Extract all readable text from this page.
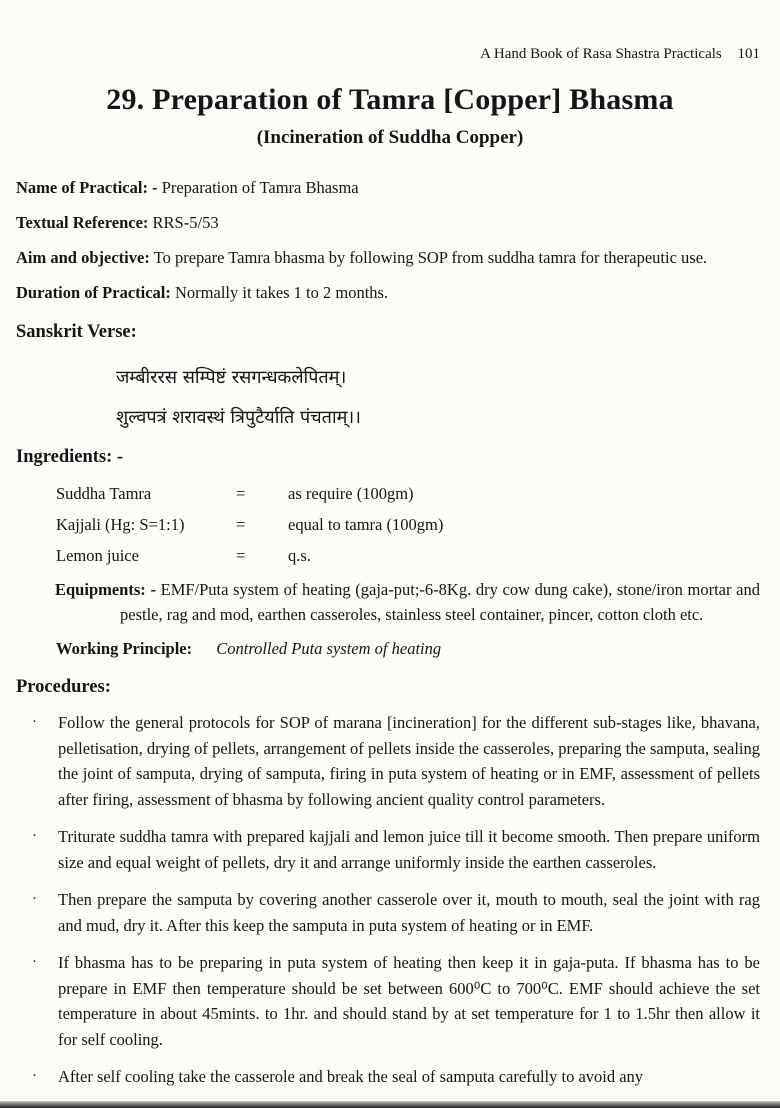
A Hand Book of Rasa Shastra Practicals 101
29. Preparation of Tamra [Copper] Bhasma
(Incineration of Suddha Copper)

Name of Practical: - Preparation of Tamra Bhasma

Textual Reference: RRS-5/53

Aim and objective: To prepare Tamra bhasma by following SOP from suddha tamra for therapeutic use.

Duration of Practical: Normally it takes 1 to 2 months.

Sanskrit Verse:

जम्बीररस सम्पिष्टं रसगन्धकलेपितम्।

शुल्वपत्रं शरावस्थं त्रिपुटैर्याति पंचताम्।।

Ingredients: -
Suddha Tamra	=	as require (100gm)
Kajjali (Hg: S=1:1)	=	equal to tamra (100gm)
Lemon juice	=	q.s.

Equipments: - EMF/Puta system of heating (gaja-put;-6-8Kg. dry cow dung cake), stone/iron mortar and pestle, rag and mod, earthen casseroles, stainless steel container, pincer, cotton cloth etc.

Working Principle: Controlled Puta system of heating

Procedures:
·	Follow the general protocols for SOP of marana [incineration] for the different sub-stages like, bhavana, pelletisation, drying of pellets, arrangement of pellets inside the casseroles, preparing the samputa, sealing the joint of samputa, drying of samputa, firing in puta system of heating or in EMF, assessment of pellets after firing, assessment of bhasma by following ancient quality control parameters.
·	Triturate suddha tamra with prepared kajjali and lemon juice till it become smooth. Then prepare uniform size and equal weight of pellets, dry it and arrange uniformly inside the earthen casseroles.
·	Then prepare the samputa by covering another casserole over it, mouth to mouth, seal the joint with rag and mud, dry it. After this keep the samputa in puta system of heating or in EMF.
·	If bhasma has to be preparing in puta system of heating then keep it in gaja-puta. If bhasma has to be prepare in EMF then temperature should be set between 600⁰C to 700⁰C. EMF should achieve the set temperature in about 45mints. to 1hr. and should stand by at set temperature for 1 to 1.5hr then allow it for self cooling.
·	After self cooling take the casserole and break the seal of samputa carefully to avoid any
